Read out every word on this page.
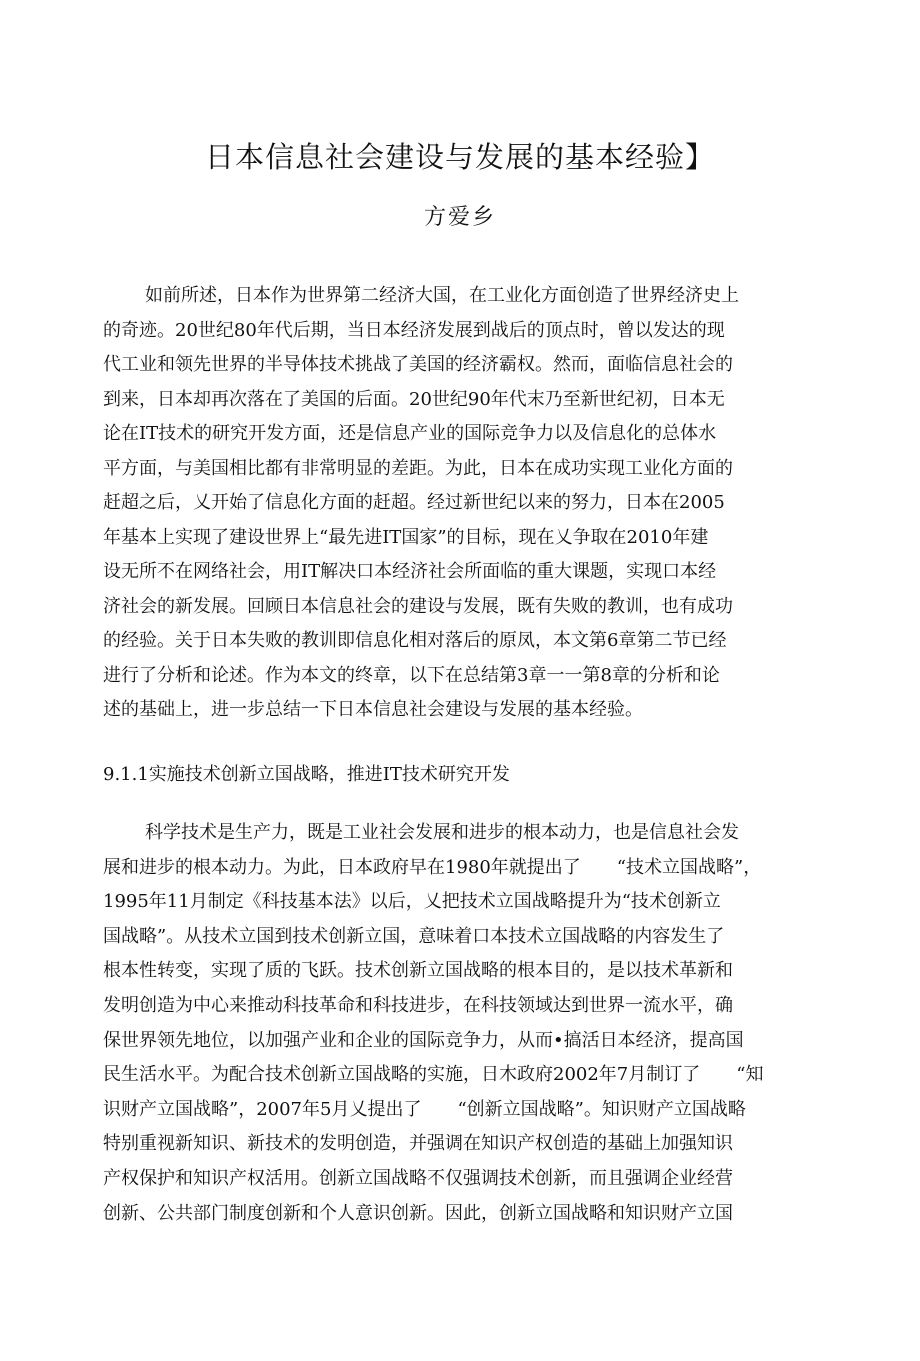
日本信息社会建设与发展的基本经验】
方爱乡
如前所述，日本作为世界第二经济大国，在工业化方面创造了世界经济史上
的奇迹。20世纪80年代后期，当日本经济发展到战后的顶点时，曾以发达的现
代工业和领先世界的半导体技术挑战了美国的经济霸权。然而，面临信息社会的
到来，日本却再次落在了美国的后面。20世纪90年代末乃至新世纪初，日本无
论在IT技术的研究开发方面，还是信息产业的国际竞争力以及信息化的总体水
平方面，与美国相比都有非常明显的差距。为此，日本在成功实现工业化方面的
赶超之后，乂开始了信息化方面的赶超。经过新世纪以来的努力，日本在2005
年基本上实现了建设世界上“最先进IT国家”的目标，现在乂争取在2010年建
设无所不在网络社会，用IT解决口本经济社会所面临的重大课题，实现口本经
济社会的新发展。回顾日本信息社会的建设与发展，既有失败的教训，也有成功
的经验。关于日本失败的教训即信息化相对落后的原凤，本文第6章第二节已经
进行了分析和论述。作为本文的终章，以下在总结第3章一一第8章的分析和论
述的基础上，进一步总结一下日本信息社会建设与发展的基本经验。
9.1.1实施技术创新立国战略，推进IT技术研究开发
科学技术是生产力，既是工业社会发展和进步的根本动力，也是信息社会发
展和进步的根本动力。为此，日本政府早在1980年就提出了　　“技术立国战略”，
1995年11月制定《科技基本法》以后，乂把技术立国战略提升为“技术创新立
国战略”。从技术立国到技术创新立国，意味着口本技术立国战略的内容发生了
根本性转变，实现了质的飞跃。技术创新立国战略的根本目的，是以技术革新和
发明创造为中心来推动科技革命和科技进步，在科技领域达到世界一流水平，确
保世界领先地位，以加强产业和企业的国际竞争力，从而•搞活日本经济，提高国
民生活水平。为配合技术创新立国战略的实施，日木政府2002年7月制订了　　“知
识财产立国战略”，2007年5月乂提出了　　“创新立国战略”。知识财产立国战略
特别重视新知识、新技术的发明创造，并强调在知识产权创造的基础上加强知识
产权保护和知识产权活用。创新立国战略不仅强调技术创新，而且强调企业经营
创新、公共部门制度创新和个人意识创新。因此，创新立国战略和知识财产立国
